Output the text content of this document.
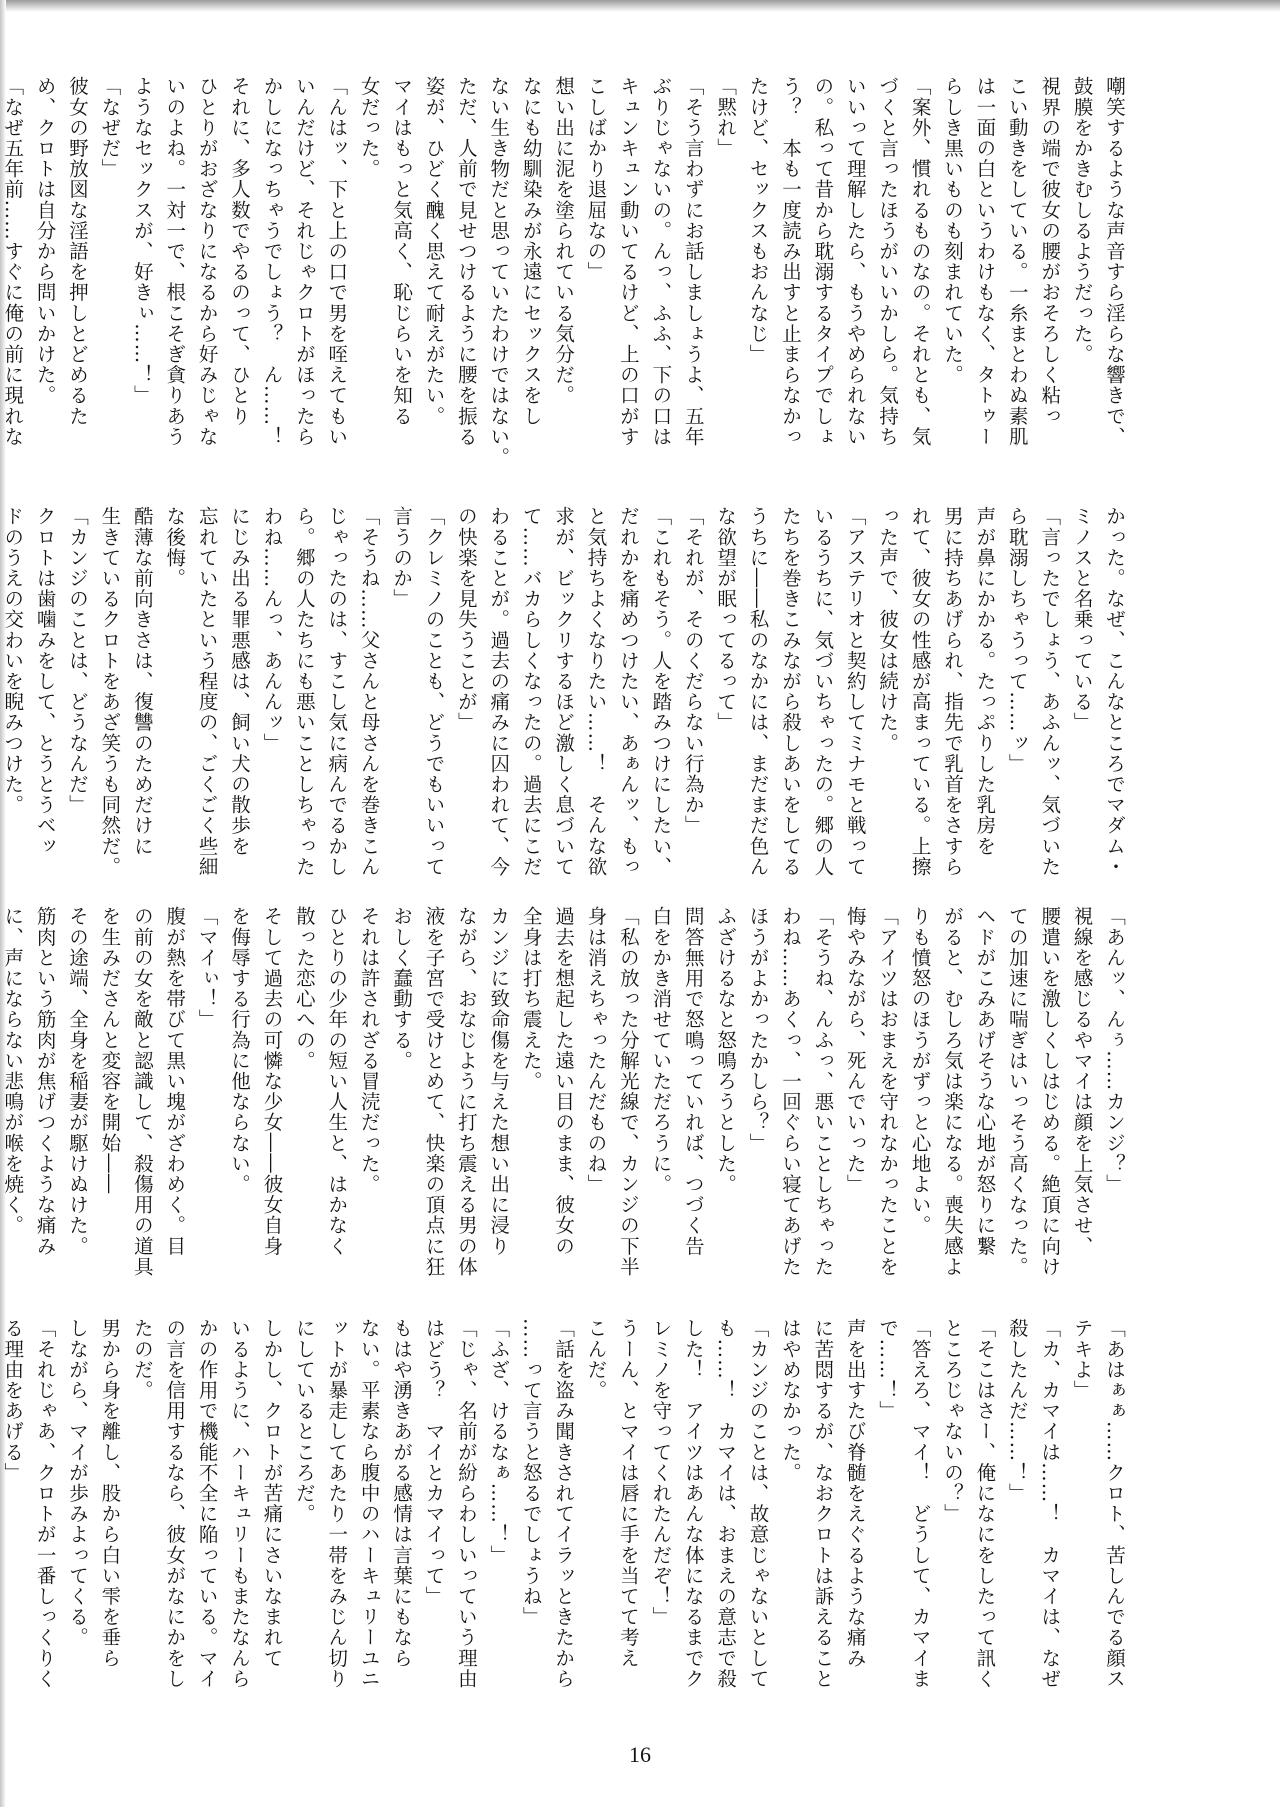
嘲笑するような声音すら淫らな響きで、

鼓膜をかきむしるようだった。

視界の端で彼女の腰がおそろしく粘っ

こい動きをしている。一糸まとわぬ素肌

は一面の白というわけもなく、タトゥー

らしき黒いものも刻まれていた。

「案外、慣れるものなの。それとも、気

づくと言ったほうがいいかしら。気持ち

いいって理解したら、もうやめられない

の。私って昔から耽溺するタイプでしょ

う？　本も一度読み出すと止まらなかっ

たけど、セックスもおんなじ」

「黙れ」

「そう言わずにお話しましょうよ、五年

ぶりじゃないの。んっ、ふふ、下の口は

キュンキュン動いてるけど、上の口がす

こしばかり退屈なの」

想い出に泥を塗られている気分だ。

なにも幼馴染みが永遠にセックスをし

ない生き物だと思っていたわけではない。

ただ、人前で見せつけるように腰を振る

姿が、ひどく醜く思えて耐えがたい。

マイはもっと気高く、恥じらいを知る

女だった。

「んはッ、下と上の口で男を咥えてもい

いんだけど、それじゃクロトがほったら

かしになっちゃうでしょう？　ん……！

それに、多人数でやるのって、ひとり

ひとりがおざなりになるから好みじゃな

いのよね。一対一で、根こそぎ貪りあう

ようなセックスが、好きぃ……！」

「なぜだ」

彼女の野放図な淫語を押しとどめるた

め、クロトは自分から問いかけた。

「なぜ五年前……すぐに俺の前に現れな

かった。なぜ、こんなところでマダム・

ミノスと名乗っている」

「言ったでしょう、あふんッ、気づいた

ら耽溺しちゃうって……ッ」

声が鼻にかかる。たっぷりした乳房を

男に持ちあげられ、指先で乳首をさすら

れて、彼女の性感が高まっている。上擦

った声で、彼女は続けた。

「アステリオと契約してミナモと戦って

いるうちに、気づいちゃったの。郷の人

たちを巻きこみながら殺しあいをしてる

うちに――私のなかには、まだまだ色ん

な欲望が眠ってるって」

「それが、そのくだらない行為か」

「これもそう。人を踏みつけにしたい、

だれかを痛めつけたい、あぁんッ、もっ

と気持ちよくなりたい……！　そんな欲

求が、ビックリするほど激しく息づいて

て……バカらしくなったの。過去にこだ

わることが。過去の痛みに囚われて、今

の快楽を見失うことが」

「クレミノのことも、どうでもいいって

言うのか」

「そうね……父さんと母さんを巻きこん

じゃったのは、すこし気に病んでるかし

ら。郷の人たちにも悪いことしちゃった

わね……んっ、あんんッ」

にじみ出る罪悪感は、飼い犬の散歩を

忘れていたという程度の、ごくごく些細

な後悔。

酷薄な前向きさは、復讐のためだけに

生きているクロトをあざ笑うも同然だ。

「カンジのことは、どうなんだ」

クロトは歯噛みをして、とうとうベッ

ドのうえの交わいを睨みつけた。

「あんッ、んぅ……カンジ？」

視線を感じるやマイは顔を上気させ、

腰遣いを激しくしはじめる。絶頂に向け

ての加速に喘ぎはいっそう高くなった。

ヘドがこみあげそうな心地が怒りに繋

がると、むしろ気は楽になる。喪失感よ

りも憤怒のほうがずっと心地よい。

「アイツはおまえを守れなかったことを

悔やみながら、死んでいった」

「そうね、んふっ、悪いことしちゃった

わね……あくっ、一回ぐらい寝てあげた

ほうがよかったかしら？」

ふざけるなと怒鳴ろうとした。

問答無用で怒鳴っていれば、つづく告

白をかき消せていただろうに。

「私の放った分解光線で、カンジの下半

身は消えちゃったんだものね」

過去を想起した遠い目のまま、彼女の

全身は打ち震えた。

カンジに致命傷を与えた想い出に浸り

ながら、おなじように打ち震える男の体

液を子宮で受けとめて、快楽の頂点に狂

おしく蠢動する。

それは許されざる冒涜だった。

ひとりの少年の短い人生と、はかなく

散った恋心への。

そして過去の可憐な少女――彼女自身

を侮辱する行為に他ならない。

「マイぃ！」

腹が熱を帯びて黒い塊がざわめく。目

の前の女を敵と認識して、殺傷用の道具

を生みださんと変容を開始――

その途端、全身を稲妻が駆けぬけた。

筋肉という筋肉が焦げつくような痛み

に、声にならない悲鳴が喉を焼く。

「あはぁぁ……クロト、苦しんでる顔ス

テキよ」

「カ、カマイは……！　カマイは、なぜ

殺したんだ……！」

「そこはさー、俺になにをしたって訊く

ところじゃないの？」

「答えろ、マイ！　どうして、カマイま

で……！」

声を出すたび脊髄をえぐるような痛み

に苦悶するが、なおクロトは訴えること

はやめなかった。

「カンジのことは、故意じゃないとして

も……！　カマイは、おまえの意志で殺

した！　アイツはあんな体になるまでク

レミノを守ってくれたんだぞ！」

うーん、とマイは唇に手を当てて考え

こんだ。

「話を盗み聞きされてイラッときたから

……って言うと怒るでしょうね」

「ふざ、けるなぁ……！」

「じゃ、名前が紛らわしいっていう理由

はどう？　マイとカマイって」

もはや湧きあがる感情は言葉にもなら

ない。平素なら腹中のハーキュリーユニ

ットが暴走してあたり一帯をみじん切り

にしているところだ。

しかし、クロトが苦痛にさいなまれて

いるように、ハーキュリーもまたなんら

かの作用で機能不全に陥っている。マイ

の言を信用するなら、彼女がなにかをし

たのだ。

男から身を離し、股から白い雫を垂ら

しながら、マイが歩みよってくる。

「それじゃあ、クロトが一番しっくりく

る理由をあげる」

16
